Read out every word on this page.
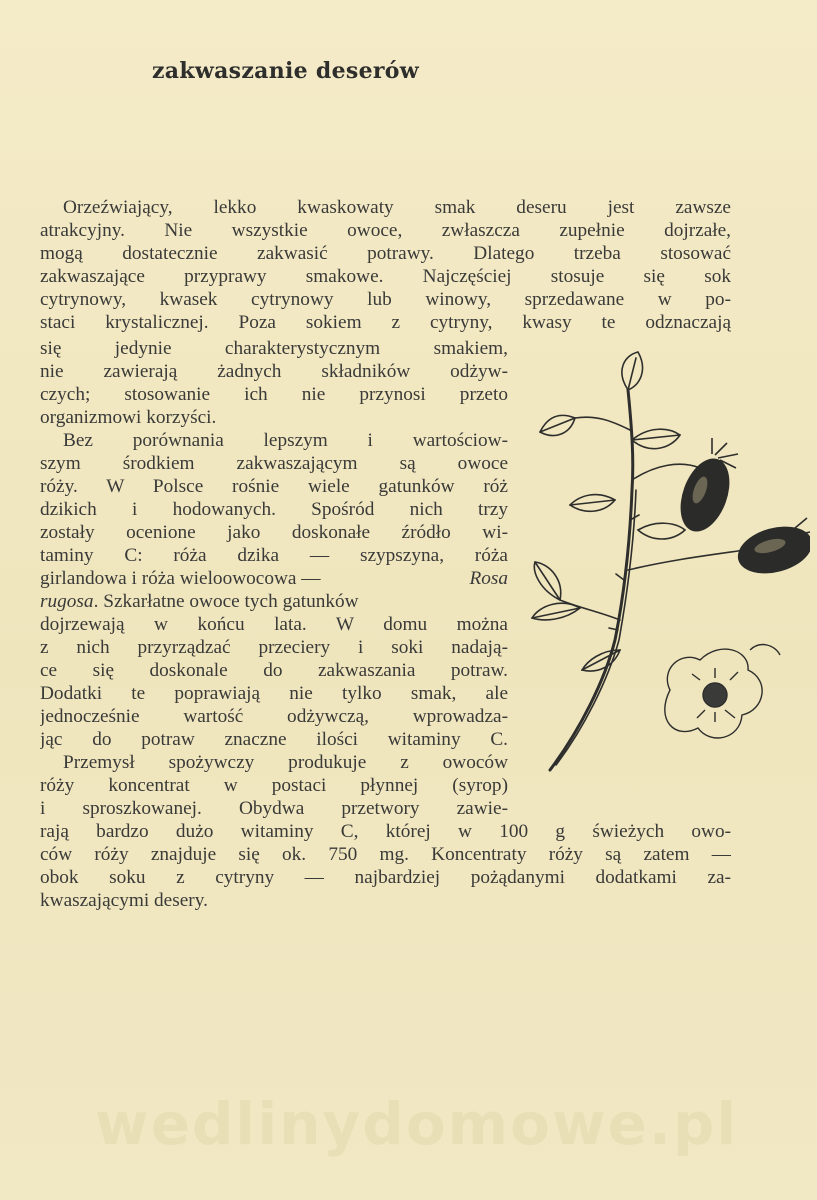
zakwaszanie deserów
Orzeźwiający, lekko kwaskowaty smak deseru jest zawsze
atrakcyjny. Nie wszystkie owoce, zwłaszcza zupełnie dojrzałe,
mogą dostatecznie zakwasić potrawy. Dlatego trzeba stosować
zakwaszające przyprawy smakowe. Najczęściej stosuje się sok
cytrynowy, kwasek cytrynowy lub winowy, sprzedawane w po-
staci krystalicznej. Poza sokiem z cytryny, kwasy te odznaczają
się jedynie charakterystycznym smakiem,
nie zawierają żadnych składników odżyw-
czych; stosowanie ich nie przynosi przeto
organizmowi korzyści.
Bez porównania lepszym i wartościow-
szym środkiem zakwaszającym są owoce
róży. W Polsce rośnie wiele gatunków róż
dzikich i hodowanych. Spośród nich trzy
zostały ocenione jako doskonałe źródło wi-
taminy C: róża dzika — szypszyna, róża
girlandowa i róża wieloowocowa —	Rosa
rugosa. Szkarłatne owoce tych gatunków
dojrzewają w końcu lata. W domu można
z nich przyrządzać przeciery i soki nadają-
ce się doskonale do zakwaszania potraw.
Dodatki te poprawiają nie tylko smak, ale
jednocześnie wartość odżywczą, wprowadza-
jąc do potraw znaczne ilości witaminy C.
Przemysł spożywczy produkuje z owoców
róży koncentrat w postaci płynnej (syrop)
i sproszkowanej. Obydwa przetwory zawie-
rają bardzo dużo witaminy C, której w 100 g świeżych owo-
ców róży znajduje się ok. 750 mg. Koncentraty róży są zatem —
obok soku z cytryny — najbardziej pożądanymi dodatkami za-
kwaszającymi desery.
wedlinydomowe.pl
